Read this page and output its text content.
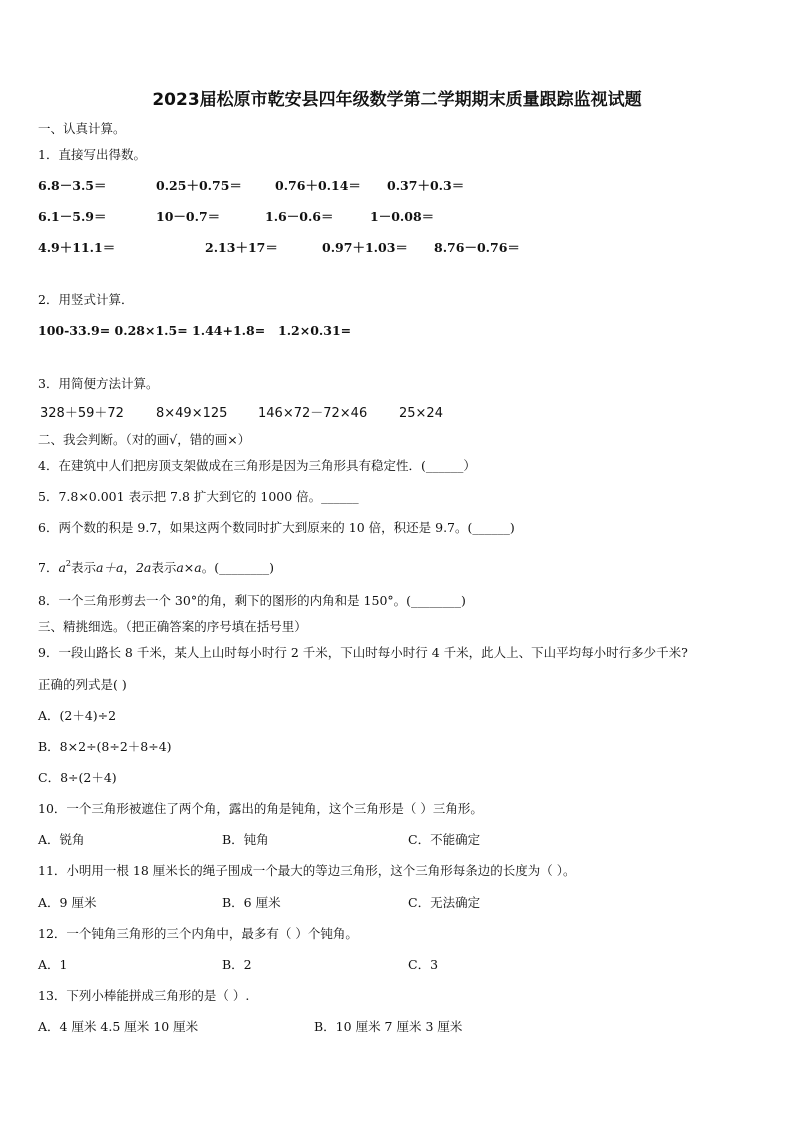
2023届松原市乾安县四年级数学第二学期期末质量跟踪监视试题
一、认真计算。
1．直接写出得数。
6.8－3.5＝	0.25＋0.75＝	0.76＋0.14＝ 0.37＋0.3＝
6.1－5.9＝	10－0.7＝	1.6－0.6＝	1－0.08＝
4.9＋11.1＝	2.13＋17＝	0.97＋1.03＝ 8.76－0.76＝
2．用竖式计算．
100-33.9= 0.28×1.5= 1.44+1.8= 1.2×0.31=
3．用简便方法计算。
328＋59＋72 8×49×125 146×72－72×46 25×24
二、我会判断。（对的画√，错的画×）
4．在建筑中人们把房顶支架做成在三角形是因为三角形具有稳定性．(______）
5．7.8×0.001 表示把 7.8 扩大到它的 1000 倍。______
6．两个数的积是 9.7，如果这两个数同时扩大到原来的 10 倍，积还是 9.7。(______)
7．$a^2$表示a＋a，2a表示a×a。(________)
8．一个三角形剪去一个 30°的角，剩下的图形的内角和是 150°。(________)
三、精挑细选。（把正确答案的序号填在括号里）
9．一段山路长 8 千米，某人上山时每小时行 2 千米，下山时每小时行 4 千米，此人上、下山平均每小时行多少千米?
正确的列式是( )
A．(2＋4)÷2
B．8×2÷(8÷2＋8÷4)
C．8÷(2＋4)
10．一个三角形被遮住了两个角，露出的角是钝角，这个三角形是（ ）三角形。
A．锐角	B．钝角	C．不能确定
11．小明用一根 18 厘米长的绳子围成一个最大的等边三角形，这个三角形每条边的长度为（ ）。
A．9 厘米	B．6 厘米	C．无法确定
12．一个钝角三角形的三个内角中，最多有（ ）个钝角。
A．1	B．2	C．3
13．下列小棒能拼成三角形的是（ ）.
A．4 厘米 4.5 厘米 10 厘米	B．10 厘米 7 厘米 3 厘米
